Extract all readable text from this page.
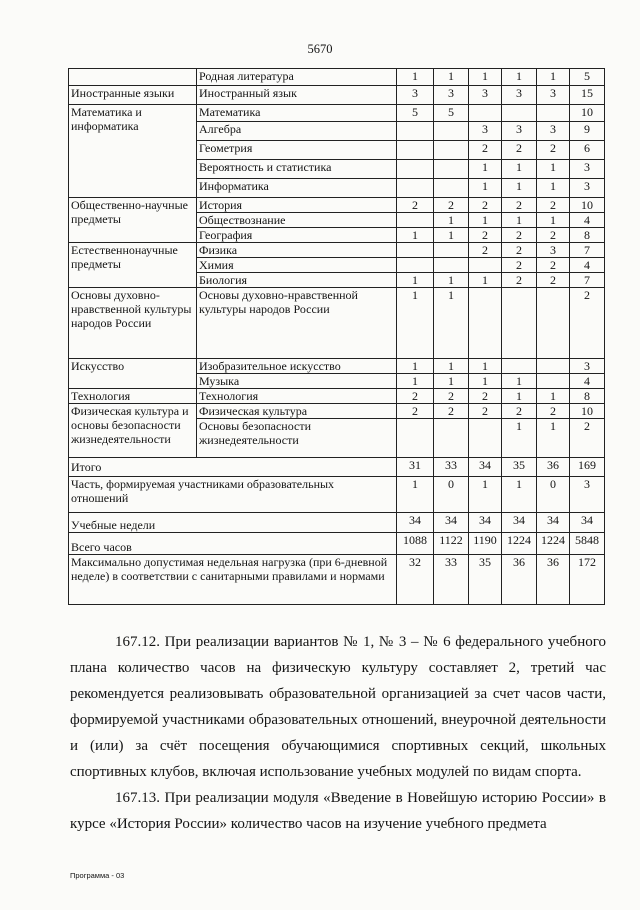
5670
	Родная литература	1	1	1	1	1	5
Иностранные языки	Иностранный язык	3	3	3	3	3	15
Математика и информатика	Математика	5	5				10
	Алгебра			3	3	3	9
	Геометрия			2	2	2	6
	Вероятность и статистика			1	1	1	3
	Информатика			1	1	1	3
Общественно-научные предметы	История	2	2	2	2	2	10
	Обществознание		1	1	1	1	4
	География	1	1	2	2	2	8
Естественнонаучные предметы	Физика			2	2	3	7
	Химия				2	2	4
	Биология	1	1	1	2	2	7
Основы духовно-нравственной культуры народов России	Основы духовно-нравственной культуры народов России	1	1				2
Искусство	Изобразительное искусство	1	1	1			3
	Музыка	1	1	1	1		4
Технология	Технология	2	2	2	1	1	8
Физическая культура и основы безопасности жизнедеятельности	Физическая культура	2	2	2	2	2	10
	Основы безопасности жизнедеятельности				1	1	2
Итого		31	33	34	35	36	169
Часть, формируемая участниками образовательных отношений		1	0	1	1	0	3
Учебные недели		34	34	34	34	34	34
Всего часов		1088	1122	1190	1224	1224	5848
Максимально допустимая недельная нагрузка (при 6-дневной неделе) в соответствии с санитарными правилами и нормами		32	33	35	36	36	172

167.12. При реализации вариантов № 1, № 3 – № 6 федерального учебного плана количество часов на физическую культуру составляет 2, третий час рекомендуется реализовывать образовательной организацией за счет часов части, формируемой участниками образовательных отношений, внеурочной деятельности и (или) за счёт посещения обучающимися спортивных секций, школьных спортивных клубов, включая использование учебных модулей по видам спорта.

167.13. При реализации модуля «Введение в Новейшую историю России» в курсе «История России» количество часов на изучение учебного предмета

Программа - 03
